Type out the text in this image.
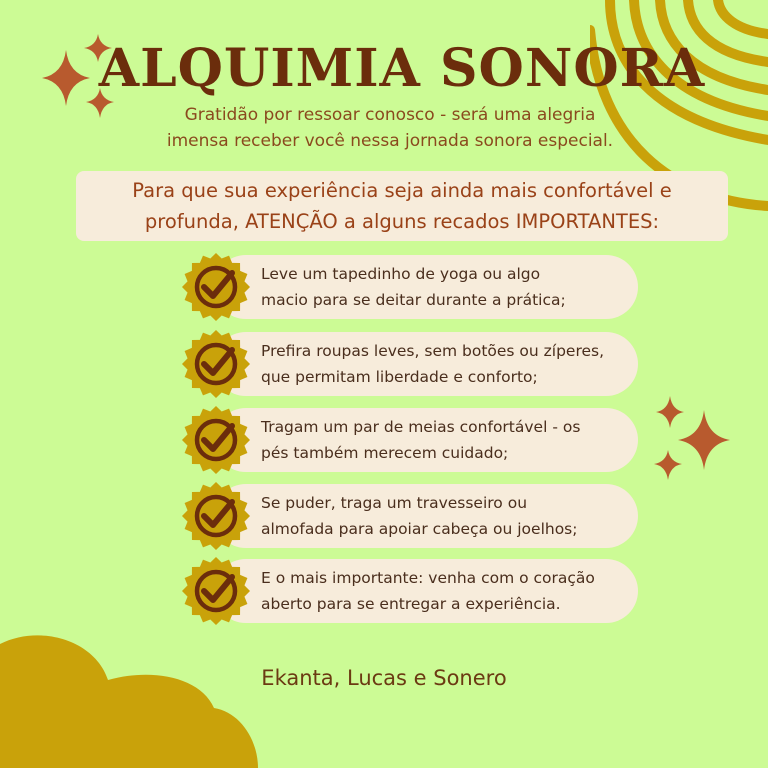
ALQUIMIA SONORA

Gratidão por ressoar conosco - será uma alegria
imensa receber você nessa jornada sonora especial.

Para que sua experiência seja ainda mais confortável e
profunda, ATENÇÃO a alguns recados IMPORTANTES:
Leve um tapedinho de yoga ou algo
macio para se deitar durante a prática;
Prefira roupas leves, sem botões ou zíperes,
que permitam liberdade e conforto;
Tragam um par de meias confortável - os
pés também merecem cuidado;
Se puder, traga um travesseiro ou
almofada para apoiar cabeça ou joelhos;
E o mais importante: venha com o coração
aberto para se entregar a experiência.

Ekanta, Lucas e Sonero
